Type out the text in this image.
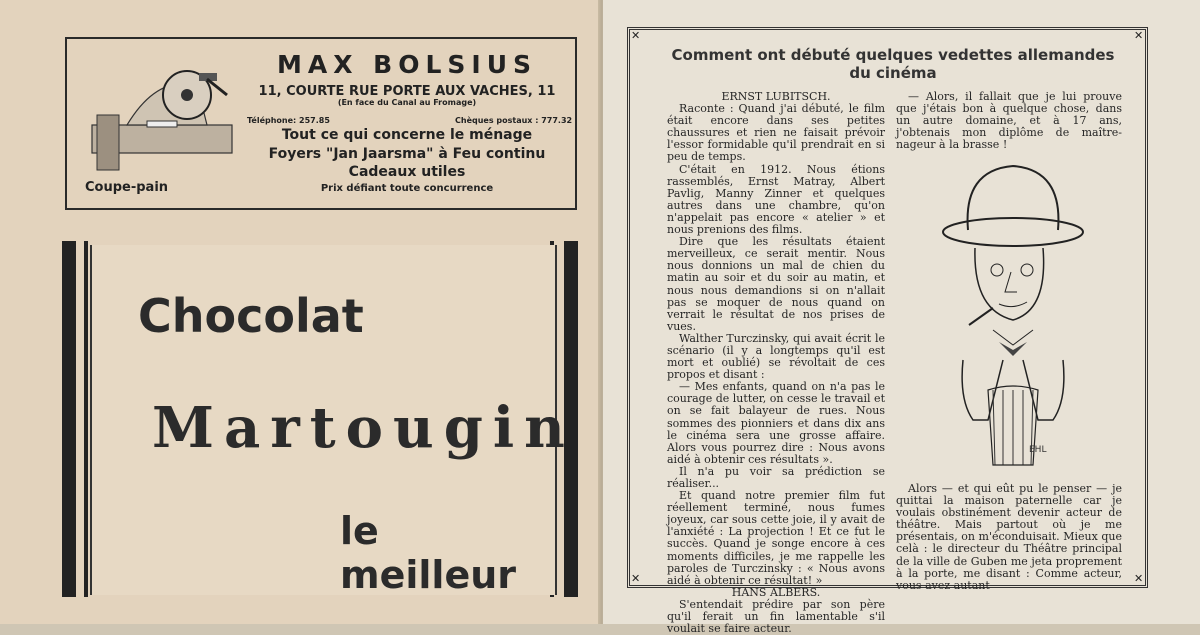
Coupe-pain
MAX BOLSIUS
11, COURTE RUE PORTE AUX VACHES, 11
(En face du Canal au Fromage)
Téléphone: 257.85	Chèques postaux : 777.32
Tout ce qui concerne le ménage
Foyers "Jan Jaarsma" à Feu continu
Cadeaux utiles
Prix défiant toute concurrence
Chocolat
Martougin
le meilleur
✕	✕
✕	✕
Comment ont débuté quelques vedettes allemandes
du cinéma

ERNST LUBITSCH.

Raconte : Quand j'ai débuté, le film était encore dans ses petites chaussures et rien ne faisait prévoir l'essor formidable qu'il prendrait en si peu de temps.

C'était en 1912. Nous étions rassemblés, Ernst Matray, Albert Pavlig, Manny Zinner et quelques autres dans une chambre, qu'on n'appelait pas encore « atelier » et nous prenions des films.

Dire que les résultats étaient merveilleux, ce serait mentir. Nous nous donnions un mal de chien du matin au soir et du soir au matin, et nous nous demandions si on n'allait pas se moquer de nous quand on verrait le résultat de nos prises de vues.

Walther Turczinsky, qui avait écrit le scénario (il y a longtemps qu'il est mort et oublié) se révoltait de ces propos et disant :

— Mes enfants, quand on n'a pas le courage de lutter, on cesse le travail et on se fait balayeur de rues. Nous sommes des pionniers et dans dix ans le cinéma sera une grosse affaire. Alors vous pourrez dire : Nous avons aidé à obtenir ces résultats ».

Il n'a pu voir sa prédiction se réaliser...

Et quand notre premier film fut réellement terminé, nous fumes joyeux, car sous cette joie, il y avait de l'anxiété : La projection ! Et ce fut le succès. Quand je songe encore à ces moments difficiles, je me rappelle les paroles de Turczinsky : « Nous avons aidé à obtenir ce résultat! »

HANS ALBERS.

S'entendait prédire par son père qu'il ferait un fin lamentable s'il voulait se faire acteur.

— Alors, il fallait que je lui prouve que j'étais bon à quelque chose, dans un autre domaine, et à 17 ans, j'obtenais mon diplôme de maître-nageur à la brasse !

EHL

Alors — et qui eût pu le penser — je quittai la maison paternelle car je voulais obstinément devenir acteur de théâtre. Mais partout où je me présentais, on m'éconduisait. Mieux que celà : le directeur du Théâtre principal de la ville de Guben me jeta proprement à la porte, me disant : Comme acteur, vous avez autant
